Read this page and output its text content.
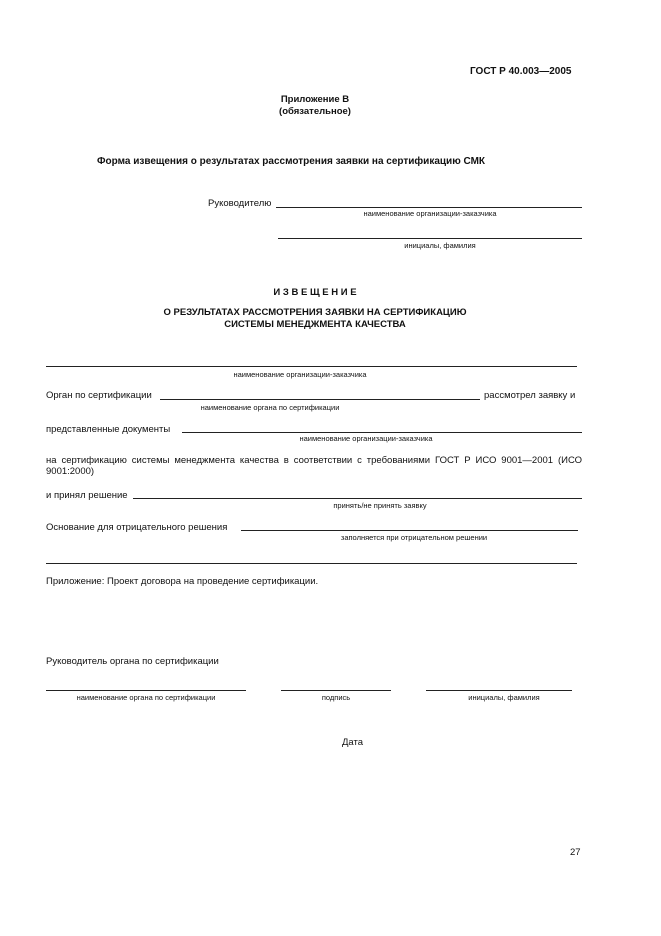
ГОСТ Р 40.003—2005
Приложение В
(обязательное)
Форма извещения о результатах рассмотрения заявки на сертификацию СМК
Руководителю
наименование организации-заказчика
инициалы, фамилия
И З В Е Щ Е Н И Е
О РЕЗУЛЬТАТАХ РАССМОТРЕНИЯ ЗАЯВКИ НА СЕРТИФИКАЦИЮ
СИСТЕМЫ МЕНЕДЖМЕНТА КАЧЕСТВА
наименование организации-заказчика
Орган по сертификации	рассмотрел заявку и
наименование органа по сертификации
представленные документы
наименование организации-заказчика
на сертификацию системы менеджмента качества в соответствии с требованиями ГОСТ Р ИСО 9001—2001 (ИСО 9001:2000)
и принял решение
принять/не принять заявку
Основание для отрицательного решения
заполняется при отрицательном решении
Приложение: Проект договора на проведение сертификации.
Руководитель органа по сертификации
наименование органа по сертификации	подпись	инициалы, фамилия
Дата
27
